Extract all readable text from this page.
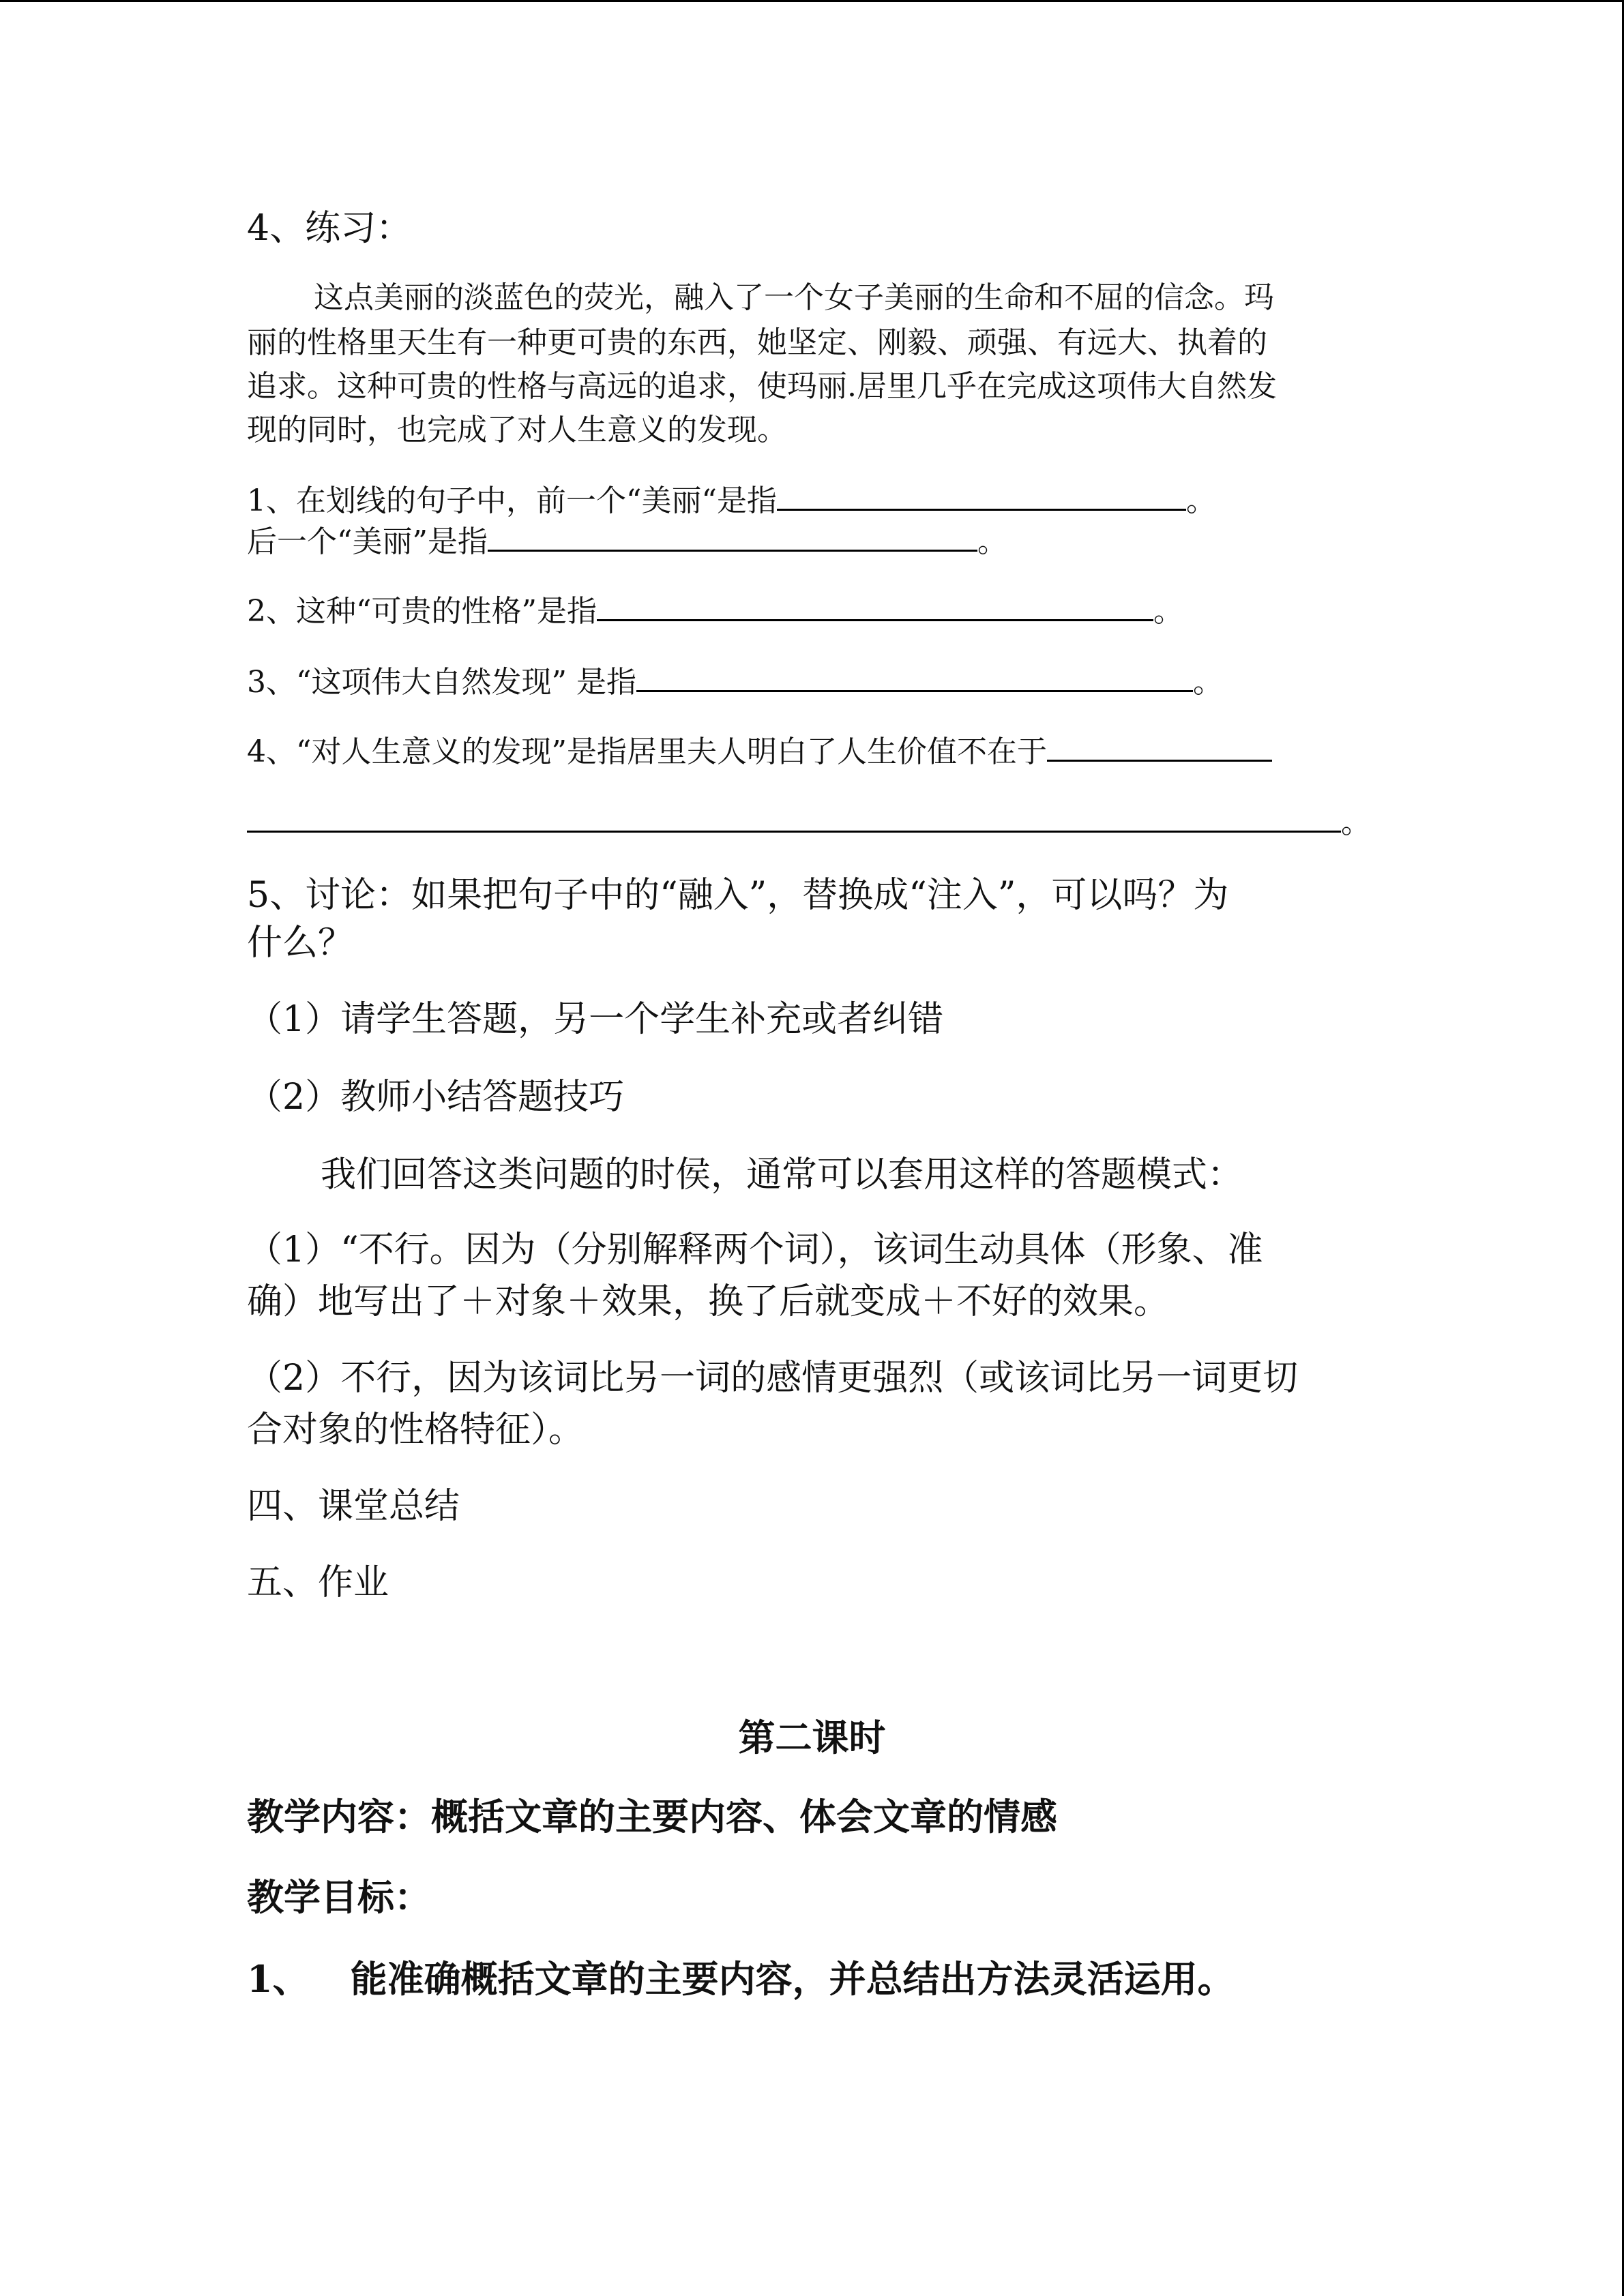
4、练习：
这点美丽的淡蓝色的荧光，融入了一个女子美丽的生命和不屈的信念。玛
丽的性格里天生有一种更可贵的东西，她坚定、刚毅、顽强、有远大、执着的
追求。这种可贵的性格与高远的追求，使玛丽.居里几乎在完成这项伟大自然发
现的同时，也完成了对人生意义的发现。
1、在划线的句子中，前一个“美丽“是指	。
后一个“美丽”是指	。
2、这种“可贵的性格”是指	。
3、“这项伟大自然发现” 是指	。
4、“对人生意义的发现”是指居里夫人明白了人生价值不在于
。
5、讨论：如果把句子中的“融入”，替换成“注入”，可以吗？为
什么？
（1）请学生答题，另一个学生补充或者纠错
（2）教师小结答题技巧
我们回答这类问题的时侯，通常可以套用这样的答题模式：
（1）“不行。因为（分别解释两个词），该词生动具体（形象、准
确）地写出了＋对象＋效果，换了后就变成＋不好的效果。
（2）不行，因为该词比另一词的感情更强烈（或该词比另一词更切
合对象的性格特征）。
四、课堂总结
五、作业
第二课时
教学内容：概括文章的主要内容、体会文章的情感
教学目标：
1、 能准确概括文章的主要内容，并总结出方法灵活运用。
